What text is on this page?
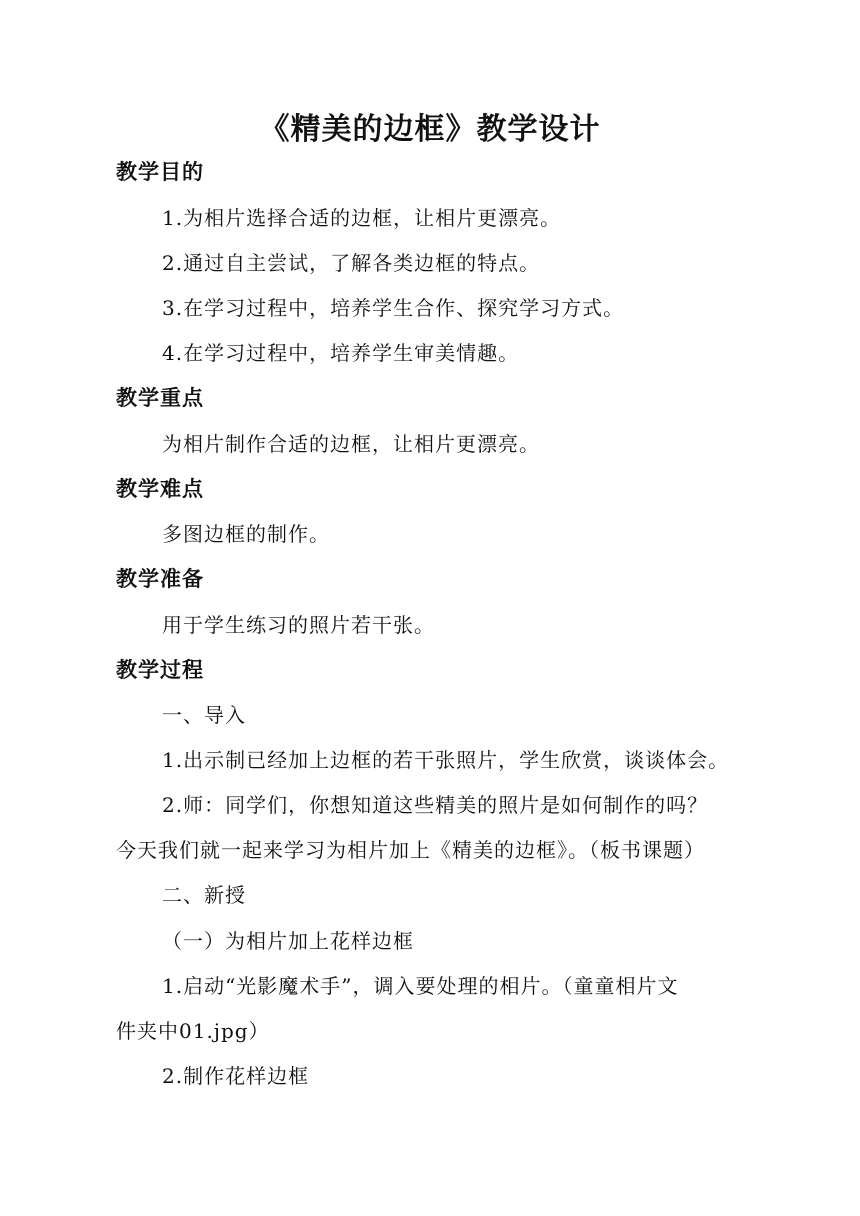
《精美的边框》教学设计
教学目的
1.为相片选择合适的边框，让相片更漂亮。
2.通过自主尝试，了解各类边框的特点。
3.在学习过程中，培养学生合作、探究学习方式。
4.在学习过程中，培养学生审美情趣。
教学重点
为相片制作合适的边框，让相片更漂亮。
教学难点
多图边框的制作。
教学准备
用于学生练习的照片若干张。
教学过程
一、导入
1.出示制已经加上边框的若干张照片，学生欣赏，谈谈体会。
2.师：同学们，你想知道这些精美的照片是如何制作的吗？
今天我们就一起来学习为相片加上《精美的边框》。（板书课题）
二、新授
（一）为相片加上花样边框
1.启动“光影魔术手”，调入要处理的相片。（童童相片文
件夹中01.jpg）
2.制作花样边框
